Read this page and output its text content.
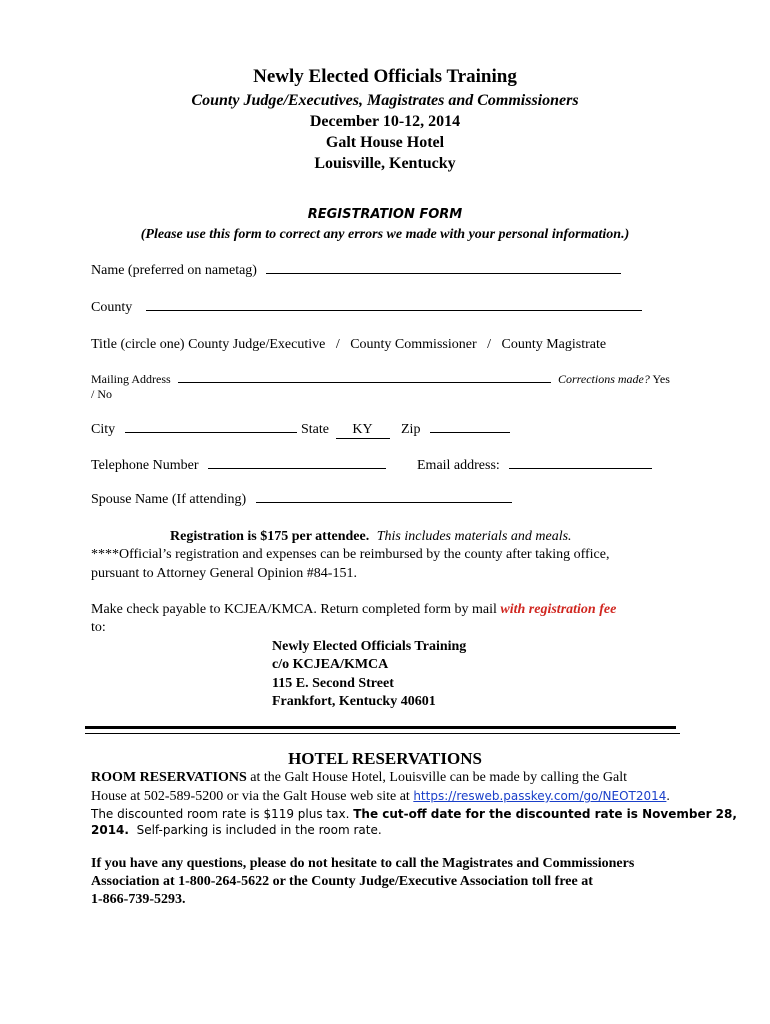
Newly Elected Officials Training
County Judge/Executives, Magistrates and Commissioners
December 10-12, 2014
Galt House Hotel
Louisville, Kentucky
REGISTRATION FORM
(Please use this form to correct any errors we made with your personal information.)
Name (preferred on nametag)
County
Title (circle one) County Judge/Executive   /   County Commissioner   /   County Magistrate
Mailing Address	Corrections made? Yes
/ No
City	State KY	Zip
Telephone Number	Email address:
Spouse Name (If attending)
Registration is $175 per attendee. This includes materials and meals.
****Official’s registration and expenses can be reimbursed by the county after taking office,
pursuant to Attorney General Opinion #84-151.
Make check payable to KCJEA/KMCA. Return completed form by mail with registration fee
to:
Newly Elected Officials Training
c/o KCJEA/KMCA
115 E. Second Street
Frankfort, Kentucky 40601
HOTEL RESERVATIONS
ROOM RESERVATIONS at the Galt House Hotel, Louisville can be made by calling the Galt
House at 502-589-5200 or via the Galt House web site at https://resweb.passkey.com/go/NEOT2014.
The discounted room rate is $119 plus tax. The cut-off date for the discounted rate is November 28,
2014.  Self-parking is included in the room rate.
If you have any questions, please do not hesitate to call the Magistrates and Commissioners
Association at 1-800-264-5622 or the County Judge/Executive Association toll free at
1-866-739-5293.
